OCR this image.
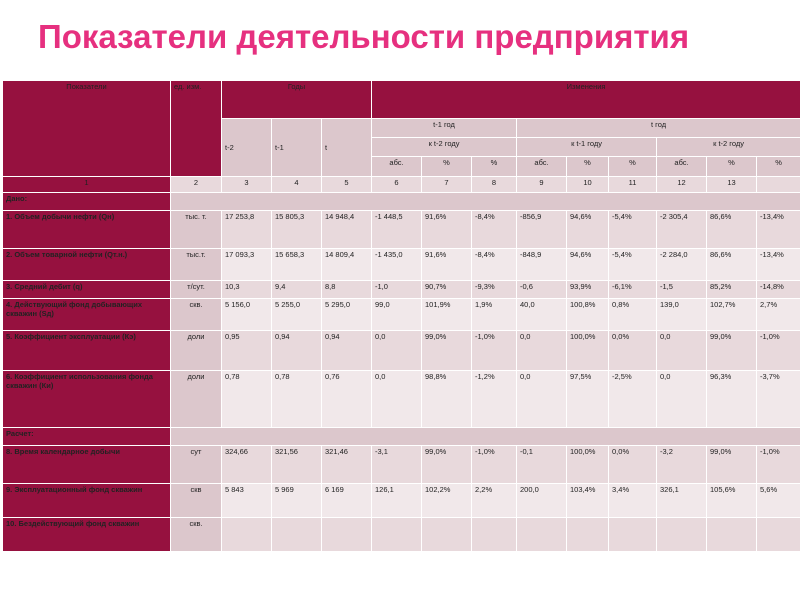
Показатели деятельности предприятия
Показатели	ед. изм.	Годы			Изменения								

		t-2	t-1	t	t-1 год			t год					
					к t-2 году			к t-1 году			к t-2 году		
					абс.	%	%	абс.	%	%	абс.	%	%
1	2	3	4	5	6	7	8	9	10	11	12	13	
Дано:													
1. Объем добычи нефти (Qн)	тыс. т.	17 253,8	15 805,3	14 948,4	-1 448,5	91,6%	-8,4%	-856,9	94,6%	-5,4%	-2 305,4	86,6%	-13,4%
2. Объем товарной нефти (Qт.н.)	тыс.т.	17 093,3	15 658,3	14 809,4	-1 435,0	91,6%	-8,4%	-848,9	94,6%	-5,4%	-2 284,0	86,6%	-13,4%
3. Средний дебит (q)	т/сут.	10,3	9,4	8,8	-1,0	90,7%	-9,3%	-0,6	93,9%	-6,1%	-1,5	85,2%	-14,8%
4. Действующий фонд добывающих скважин (Sд)	скв.	5 156,0	5 255,0	5 295,0	99,0	101,9%	1,9%	40,0	100,8%	0,8%	139,0	102,7%	2,7%
5. Коэффициент эксплуатации (Кэ)	доли	0,95	0,94	0,94	0,0	99,0%	-1,0%	0,0	100,0%	0,0%	0,0	99,0%	-1,0%
6. Коэффициент использования фонда скважин (Ки)	доли	0,78	0,78	0,76	0,0	98,8%	-1,2%	0,0	97,5%	-2,5%	0,0	96,3%	-3,7%
Расчет:													
8. Время календарное добычи	сут	324,66	321,56	321,46	-3,1	99,0%	-1,0%	-0,1	100,0%	0,0%	-3,2	99,0%	-1,0%
9. Эксплуатационный фонд скважин	скв	5 843	5 969	6 169	126,1	102,2%	2,2%	200,0	103,4%	3,4%	326,1	105,6%	5,6%
10. Бездействующий фонд скважин	скв.												
